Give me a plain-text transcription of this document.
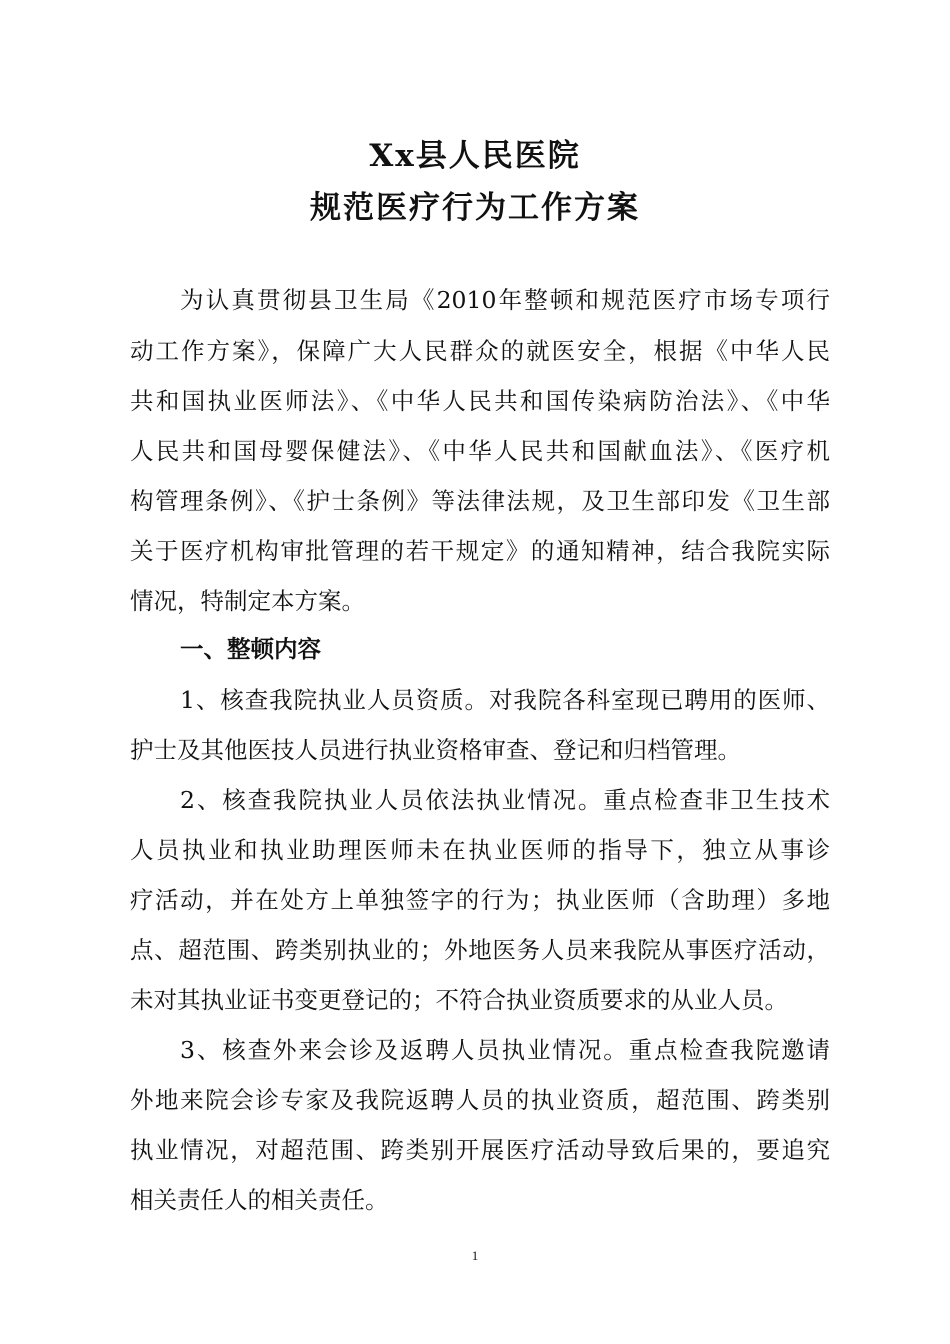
Xx县人民医院
规范医疗行为工作方案
为认真贯彻县卫生局《2010年整顿和规范医疗市场专项行
动工作方案》，保障广大人民群众的就医安全，根据《中华人民
共和国执业医师法》、《中华人民共和国传染病防治法》、《中华
人民共和国母婴保健法》、《中华人民共和国献血法》、《医疗机
构管理条例》、《护士条例》等法律法规，及卫生部印发《卫生部
关于医疗机构审批管理的若干规定》的通知精神，结合我院实际
情况，特制定本方案。
一、整顿内容
1、核查我院执业人员资质。对我院各科室现已聘用的医师、
护士及其他医技人员进行执业资格审查、登记和归档管理。
2、核查我院执业人员依法执业情况。重点检查非卫生技术
人员执业和执业助理医师未在执业医师的指导下，独立从事诊
疗活动，并在处方上单独签字的行为；执业医师（含助理）多地
点、超范围、跨类别执业的；外地医务人员来我院从事医疗活动，
未对其执业证书变更登记的；不符合执业资质要求的从业人员。
3、核查外来会诊及返聘人员执业情况。重点检查我院邀请
外地来院会诊专家及我院返聘人员的执业资质，超范围、跨类别
执业情况，对超范围、跨类别开展医疗活动导致后果的，要追究
相关责任人的相关责任。
1
